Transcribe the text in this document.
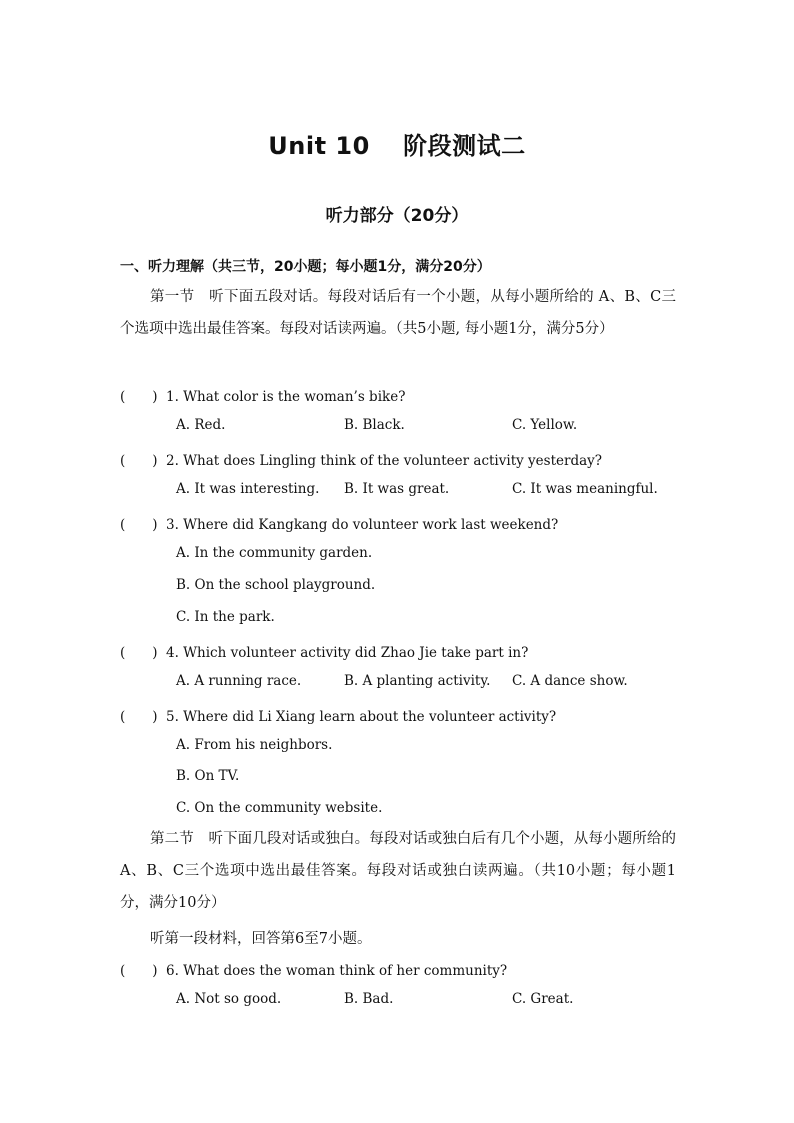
Unit 10　 阶段测试二
听力部分（20分）
一、听力理解（共三节，20小题；每小题1分，满分20分）
第一节　听下面五段对话。每段对话后有一个小题，从每小题所给的 A、B、C三个选项中选出最佳答案。每段对话读两遍。（共5小题, 每小题1分，满分5分）
(　　) 1. What color is the woman’s bike?
A. Red.	B. Black.	C. Yellow.
(　　) 2. What does Lingling think of the volunteer activity yesterday?
A. It was interesting. B. It was great.	C. It was meaningful.
(　　) 3. Where did Kangkang do volunteer work last weekend?
A. In the community garden.
B. On the school playground.
C. In the park.
(　　) 4. Which volunteer activity did Zhao Jie take part in?
A. A running race.	B. A planting activity. C. A dance show.
(　　) 5. Where did Li Xiang learn about the volunteer activity?
A. From his neighbors.
B. On TV.
C. On the community website.
第二节　听下面几段对话或独白。每段对话或独白后有几个小题，从每小题所给的 A、B、C三个选项中选出最佳答案。每段对话或独白读两遍。（共10小题；每小题1分，满分10分）
听第一段材料，回答第6至7小题。
(　　) 6. What does the woman think of her community?
A. Not so good.	B. Bad.	C. Great.
